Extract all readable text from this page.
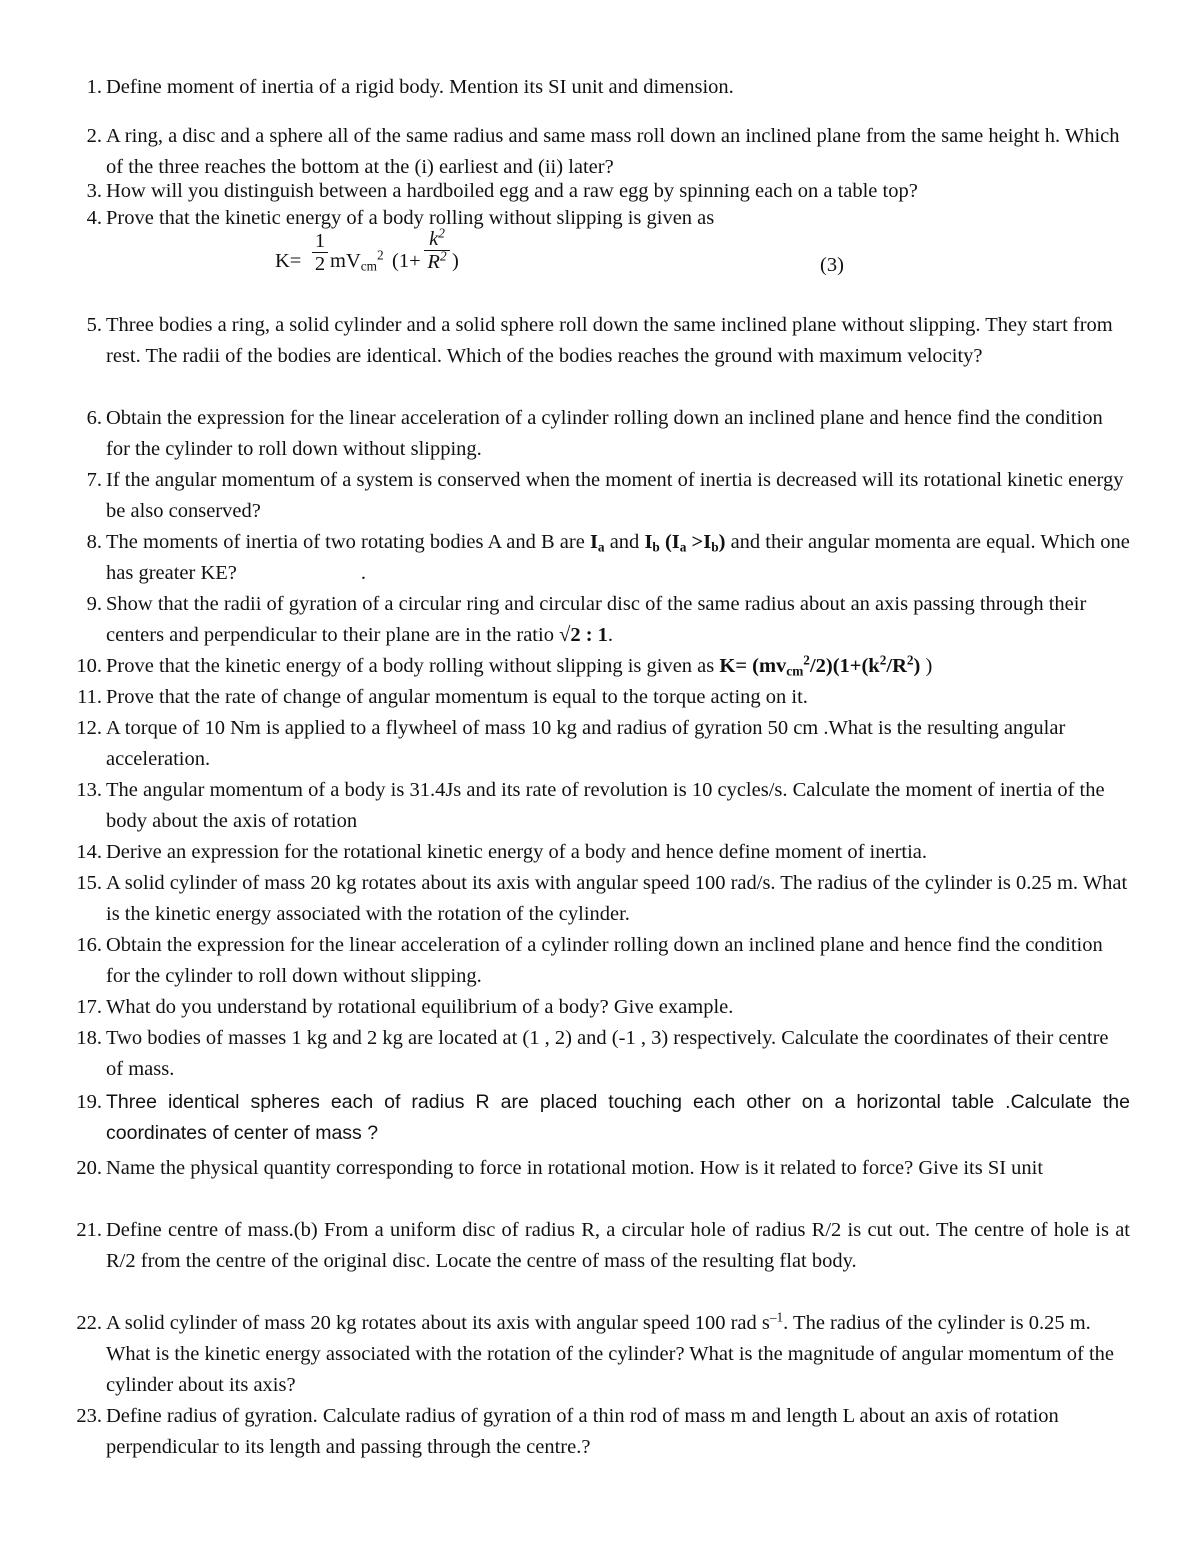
1. Define moment of inertia of a rigid body. Mention its SI unit and dimension.
2. A ring, a disc and a sphere all of the same radius and same mass roll down an inclined plane from the same height h. Which of the three reaches the bottom at the (i) earliest and (ii) later?
3. How will you distinguish between a hardboiled egg and a raw egg by spinning each on a table top?
4. Prove that the kinetic energy of a body rolling without slipping is given as
5. Three bodies a ring, a solid cylinder and a solid sphere roll down the same inclined plane without slipping. They start from rest. The radii of the bodies are identical. Which of the bodies reaches the ground with maximum velocity?
6. Obtain the expression for the linear acceleration of a cylinder rolling down an inclined plane and hence find the condition for the cylinder to roll down without slipping.
7. If the angular momentum of a system is conserved when the moment of inertia is decreased will its rotational kinetic energy be also conserved?
8. The moments of inertia of two rotating bodies A and B are $I_a$ and $I_b$ $(I_a >I_b)$ and their angular momenta are equal. Which one has greater KE?	.
9. Show that the radii of gyration of a circular ring and circular disc of the same radius about an axis passing through their centers and perpendicular to their plane are in the ratio √2 : 1.
10. Prove that the kinetic energy of a body rolling without slipping is given as $K= (mv_{cm}^2/2)(1+(k^2/R^2)$ )
11. Prove that the rate of change of angular momentum is equal to the torque acting on it.
12. A torque of 10 Nm is applied to a flywheel of mass 10 kg and radius of gyration 50 cm .What is the resulting angular acceleration.
13. The angular momentum of a body is 31.4Js and its rate of revolution is 10 cycles/s. Calculate the moment of inertia of the body about the axis of rotation
14. Derive an expression for the rotational kinetic energy of a body and hence define moment of inertia.
15. A solid cylinder of mass 20 kg rotates about its axis with angular speed 100 rad/s. The radius of the cylinder is 0.25 m. What is the kinetic energy associated with the rotation of the cylinder.
16. Obtain the expression for the linear acceleration of a cylinder rolling down an inclined plane and hence find the condition for the cylinder to roll down without slipping.
17. What do you understand by rotational equilibrium of a body? Give example.
18. Two bodies of masses 1 kg and 2 kg are located at (1 , 2) and (-1 , 3) respectively. Calculate the coordinates of their centre of mass.
19. Three identical spheres each of radius R are placed touching each other on a horizontal table .Calculate the coordinates of center of mass ?
20. Name the physical quantity corresponding to force in rotational motion. How is it related to force? Give its SI unit
21. Define centre of mass.(b) From a uniform disc of radius R, a circular hole of radius R/2 is cut out. The centre of hole is at R/2 from the centre of the original disc. Locate the centre of mass of the resulting flat body.
22. A solid cylinder of mass 20 kg rotates about its axis with angular speed 100 rad $s^{-1}$. The radius of the cylinder is 0.25 m. What is the kinetic energy associated with the rotation of the cylinder? What is the magnitude of angular momentum of the cylinder about its axis?
23. Define radius of gyration. Calculate radius of gyration of a thin rod of mass m and length L about an axis of rotation perpendicular to its length and passing through the centre.?
K=
1
2 $mV_{cm}^2$ (1+
$k^2$
$R^2$ )	(3)
